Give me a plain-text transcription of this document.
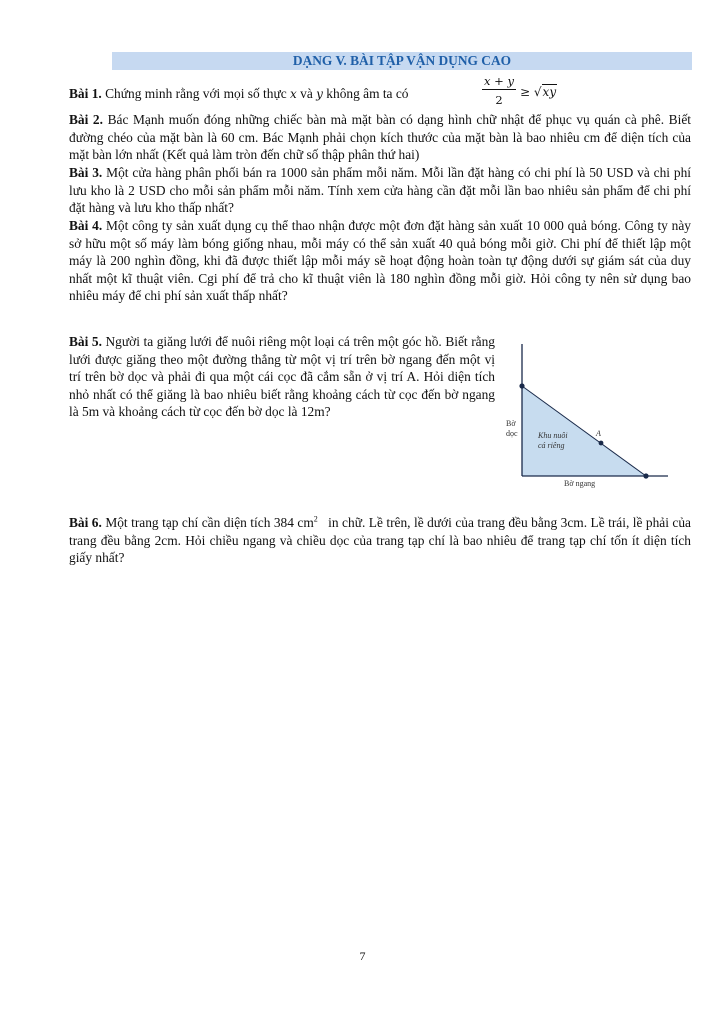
DẠNG V. BÀI TẬP VẬN DỤNG CAO
Bài 1. Chứng minh rằng với mọi số thực x và y không âm ta có	$\frac{x + y}{2} \ge √xy$
Bài 2. Bác Mạnh muốn đóng những chiếc bàn mà mặt bàn có dạng hình chữ nhật để phục vụ quán cà phê. Biết đường chéo của mặt bàn là 60 cm. Bác Mạnh phải chọn kích thước của mặt bàn là bao nhiêu cm để diện tích của mặt bàn lớn nhất (Kết quả làm tròn đến chữ số thập phân thứ hai)
Bài 3. Một cửa hàng phân phối bán ra 1000 sản phẩm mỗi năm. Mỗi lần đặt hàng có chi phí là 50 USD và chi phí lưu kho là 2 USD cho mỗi sản phẩm mỗi năm. Tính xem cửa hàng cần đặt mỗi lần bao nhiêu sản phẩm để chi phí đặt hàng và lưu kho thấp nhất?
Bài 4. Một công ty sản xuất dụng cụ thể thao nhận được một đơn đặt hàng sản xuất 10 000 quả bóng. Công ty này sở hữu một số máy làm bóng giống nhau, mỗi máy có thể sản xuất 40 quả bóng mỗi giờ. Chi phí để thiết lập một máy là 200 nghìn đồng, khi đã được thiết lập mỗi máy sẽ hoạt động hoàn toàn tự động dưới sự giám sát của duy nhất một kĩ thuật viên. Cgi phí để trả cho kĩ thuật viên là 180 nghìn đồng mỗi giờ. Hỏi công ty nên sử dụng bao nhiêu máy để chi phí sản xuất thấp nhất?
Bài 5. Người ta giăng lưới để nuôi riêng một loại cá trên một góc hồ. Biết rằng lưới được giăng theo một đường thẳng từ một vị trí trên bờ ngang đến một vị trí trên bờ dọc và phải đi qua một cái cọc đã cắm sẵn ở vị trí A. Hỏi diện tích nhỏ nhất có thể giăng là bao nhiêu biết rằng khoảng cách từ cọc đến bờ ngang là 5m và khoảng cách từ cọc đến bờ dọc là 12m?
Bờ
dọc	Khu nuôi
cá riêng
A
Bờ ngang
Bài 6. Một trang tạp chí cần diện tích 384 $cm^2$ in chữ. Lề trên, lề dưới của trang đều bằng 3cm. Lề trái, lề phải của trang đều bằng 2cm. Hỏi chiều ngang và chiều dọc của trang tạp chí là bao nhiêu để trang tạp chí tốn ít diện tích giấy nhất?
7
